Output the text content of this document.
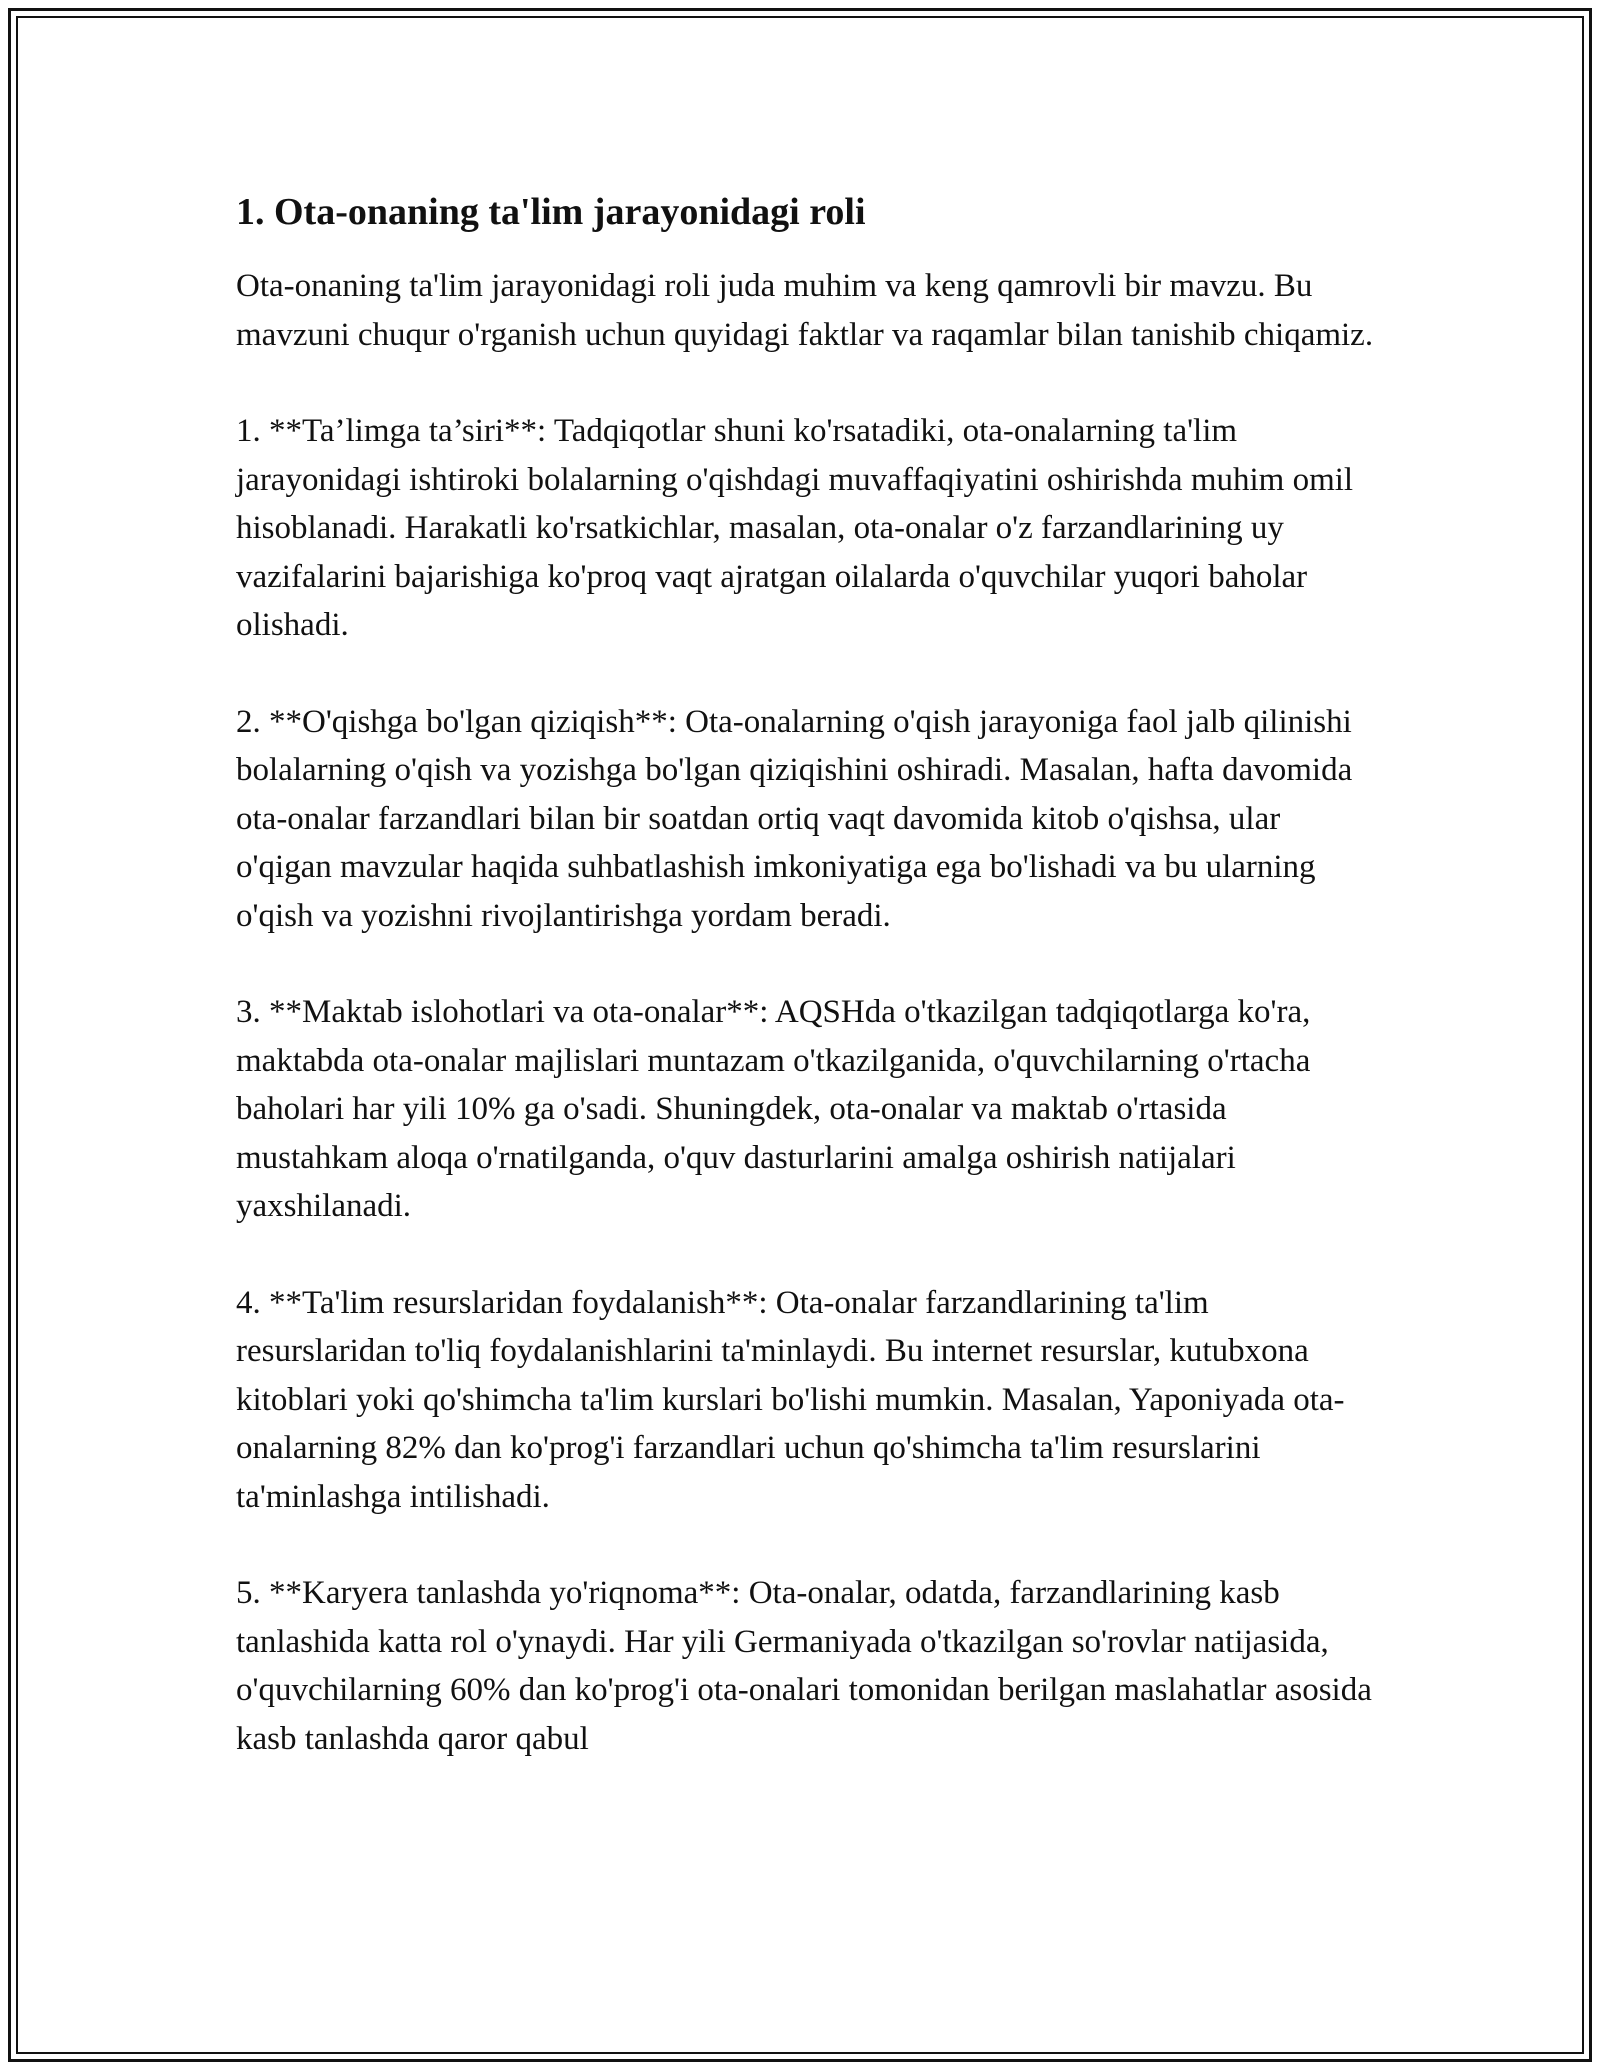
1. Ota-onaning ta'lim jarayonidagi roli

Ota-onaning ta'lim jarayonidagi roli juda muhim va keng qamrovli bir mavzu. Bu mavzuni chuqur o'rganish uchun quyidagi faktlar va raqamlar bilan tanishib chiqamiz.

1. **Ta’limga ta’siri**: Tadqiqotlar shuni ko'rsatadiki, ota-onalarning ta'lim jarayonidagi ishtiroki bolalarning o'qishdagi muvaffaqiyatini oshirishda muhim omil hisoblanadi. Harakatli ko'rsatkichlar, masalan, ota-onalar o'z farzandlarining uy vazifalarini bajarishiga ko'proq vaqt ajratgan oilalarda o'quvchilar yuqori baholar olishadi.

2. **O'qishga bo'lgan qiziqish**: Ota-onalarning o'qish jarayoniga faol jalb qilinishi bolalarning o'qish va yozishga bo'lgan qiziqishini oshiradi. Masalan, hafta davomida ota-onalar farzandlari bilan bir soatdan ortiq vaqt davomida kitob o'qishsa, ular o'qigan mavzular haqida suhbatlashish imkoniyatiga ega bo'lishadi va bu ularning o'qish va yozishni rivojlantirishga yordam beradi.

3. **Maktab islohotlari va ota-onalar**: AQSHda o'tkazilgan tadqiqotlarga ko'ra, maktabda ota-onalar majlislari muntazam o'tkazilganida, o'quvchilarning o'rtacha baholari har yili 10% ga o'sadi. Shuningdek, ota-onalar va maktab o'rtasida mustahkam aloqa o'rnatilganda, o'quv dasturlarini amalga oshirish natijalari yaxshilanadi.

4. **Ta'lim resurslaridan foydalanish**: Ota-onalar farzandlarining ta'lim resurslaridan to'liq foydalanishlarini ta'minlaydi. Bu internet resurslar, kutubxona kitoblari yoki qo'shimcha ta'lim kurslari bo'lishi mumkin. Masalan, Yaponiyada ota-onalarning 82% dan ko'prog'i farzandlari uchun qo'shimcha ta'lim resurslarini ta'minlashga intilishadi.

5. **Karyera tanlashda yo'riqnoma**: Ota-onalar, odatda, farzandlarining kasb tanlashida katta rol o'ynaydi. Har yili Germaniyada o'tkazilgan so'rovlar natijasida, o'quvchilarning 60% dan ko'prog'i ota-onalari tomonidan berilgan maslahatlar asosida kasb tanlashda qaror qabul
